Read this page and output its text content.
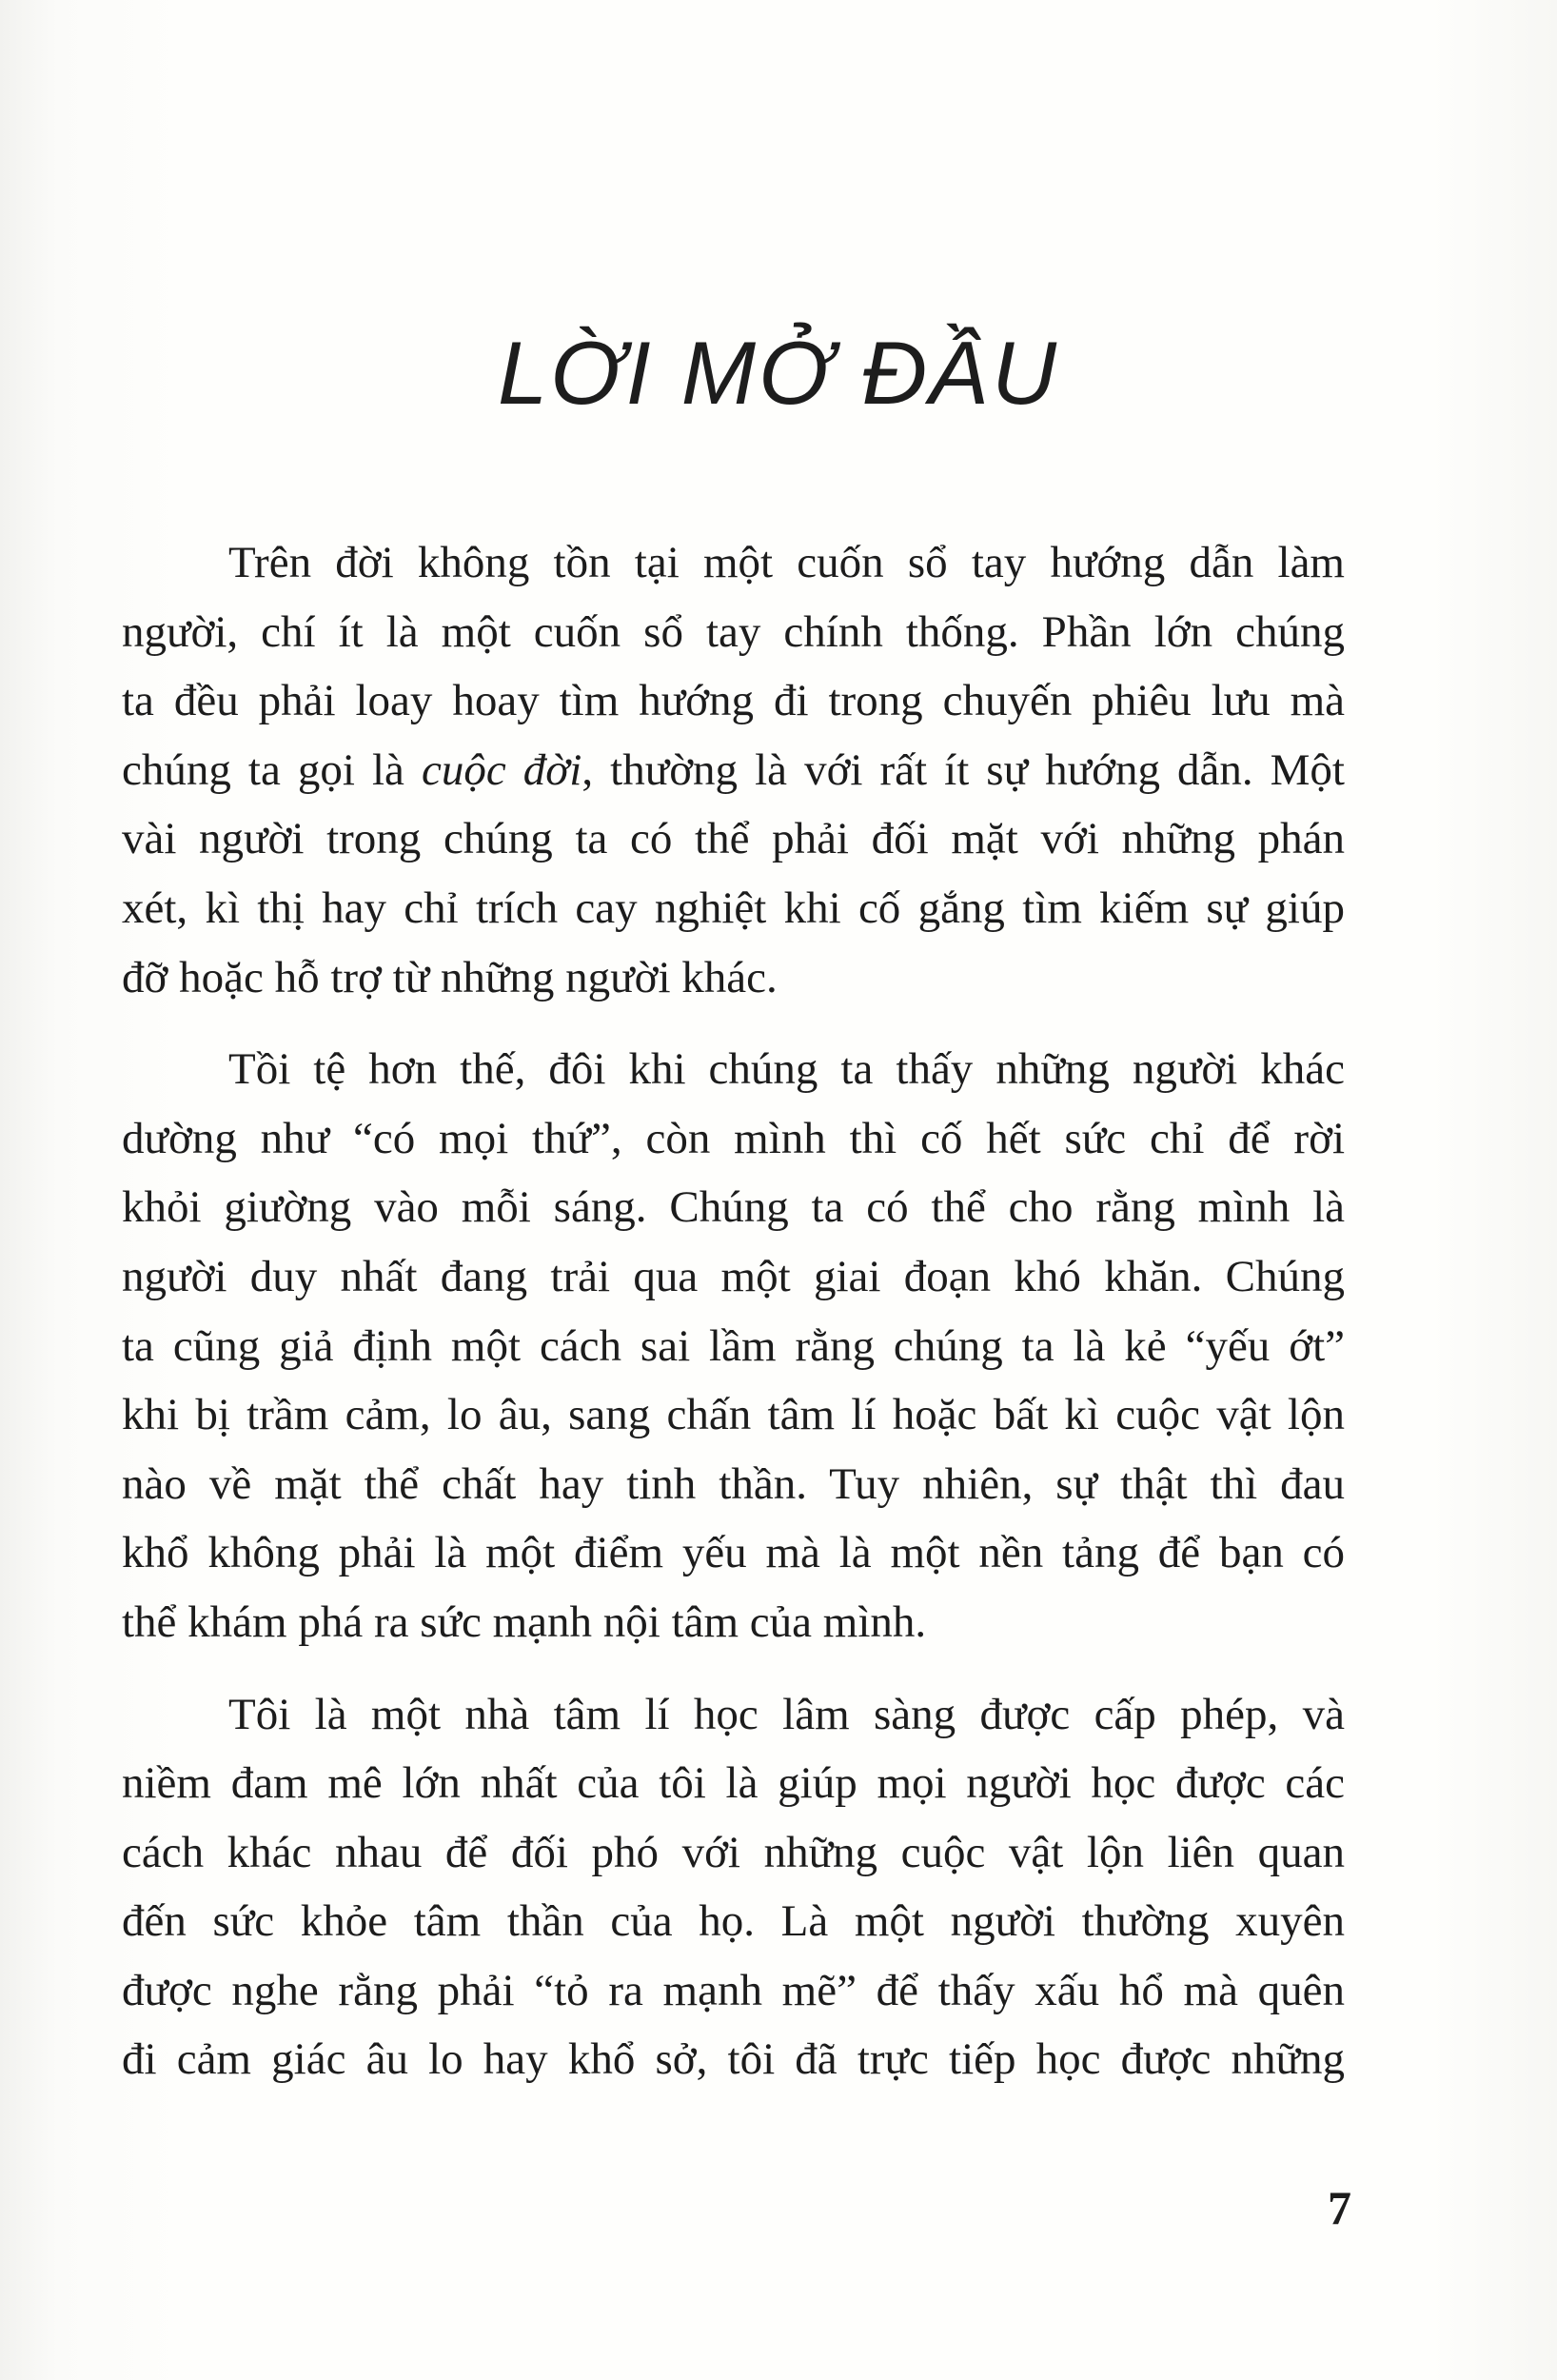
LỜI MỞ ĐẦU

Trên đời không tồn tại một cuốn sổ tay hướng dẫn làm
người, chí ít là một cuốn sổ tay chính thống. Phần lớn chúng
ta đều phải loay hoay tìm hướng đi trong chuyến phiêu lưu mà
chúng ta gọi là cuộc đời, thường là với rất ít sự hướng dẫn. Một
vài người trong chúng ta có thể phải đối mặt với những phán
xét, kì thị hay chỉ trích cay nghiệt khi cố gắng tìm kiếm sự giúp
đỡ hoặc hỗ trợ từ những người khác.

Tồi tệ hơn thế, đôi khi chúng ta thấy những người khác
dường như “có mọi thứ”, còn mình thì cố hết sức chỉ để rời
khỏi giường vào mỗi sáng. Chúng ta có thể cho rằng mình là
người duy nhất đang trải qua một giai đoạn khó khăn. Chúng
ta cũng giả định một cách sai lầm rằng chúng ta là kẻ “yếu ớt”
khi bị trầm cảm, lo âu, sang chấn tâm lí hoặc bất kì cuộc vật lộn
nào về mặt thể chất hay tinh thần. Tuy nhiên, sự thật thì đau
khổ không phải là một điểm yếu mà là một nền tảng để bạn có
thể khám phá ra sức mạnh nội tâm của mình.

Tôi là một nhà tâm lí học lâm sàng được cấp phép, và
niềm đam mê lớn nhất của tôi là giúp mọi người học được các
cách khác nhau để đối phó với những cuộc vật lộn liên quan
đến sức khỏe tâm thần của họ. Là một người thường xuyên
được nghe rằng phải “tỏ ra mạnh mẽ” để thấy xấu hổ mà quên
đi cảm giác âu lo hay khổ sở, tôi đã trực tiếp học được những

7
